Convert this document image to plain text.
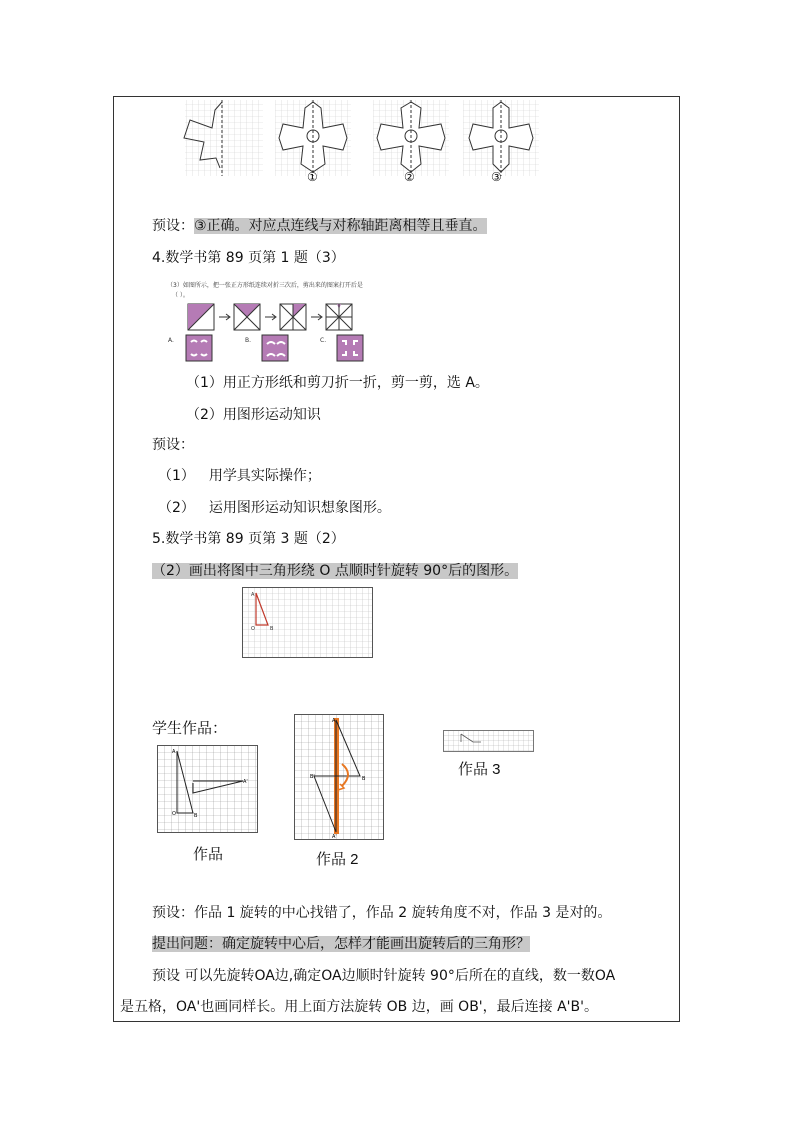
①	②	③
预设：③正确。对应点连线与对称轴距离相等且垂直。
4.数学书第 89 页第 1 题（3）
（3）如图所示，把一张正方形纸连续对折三次后，剪出来的图案打开后是
（ ）。
A.	B.	C.
（1）用正方形纸和剪刀折一折，剪一剪，选 A。
（2）用图形运动知识
预设：
（1） 用学具实际操作；
（2） 运用图形运动知识想象图形。
5.数学书第 89 页第 3 题（2）
（2）画出将图中三角形绕 O 点顺时针旋转 90°后的图形。
A
O	B
学生作品：
A
O	B
A'
A
B'	B
A'
作品	作品 2
作品 3
预设：作品 1 旋转的中心找错了，作品 2 旋转角度不对，作品 3 是对的。
提出问题：确定旋转中心后，怎样才能画出旋转后的三角形？
预设 可以先旋转OA边,确定OA边顺时针旋转 90°后所在的直线，数一数OA
是五格，OA'也画同样长。用上面方法旋转 OB 边，画 OB'，最后连接 A'B'。
